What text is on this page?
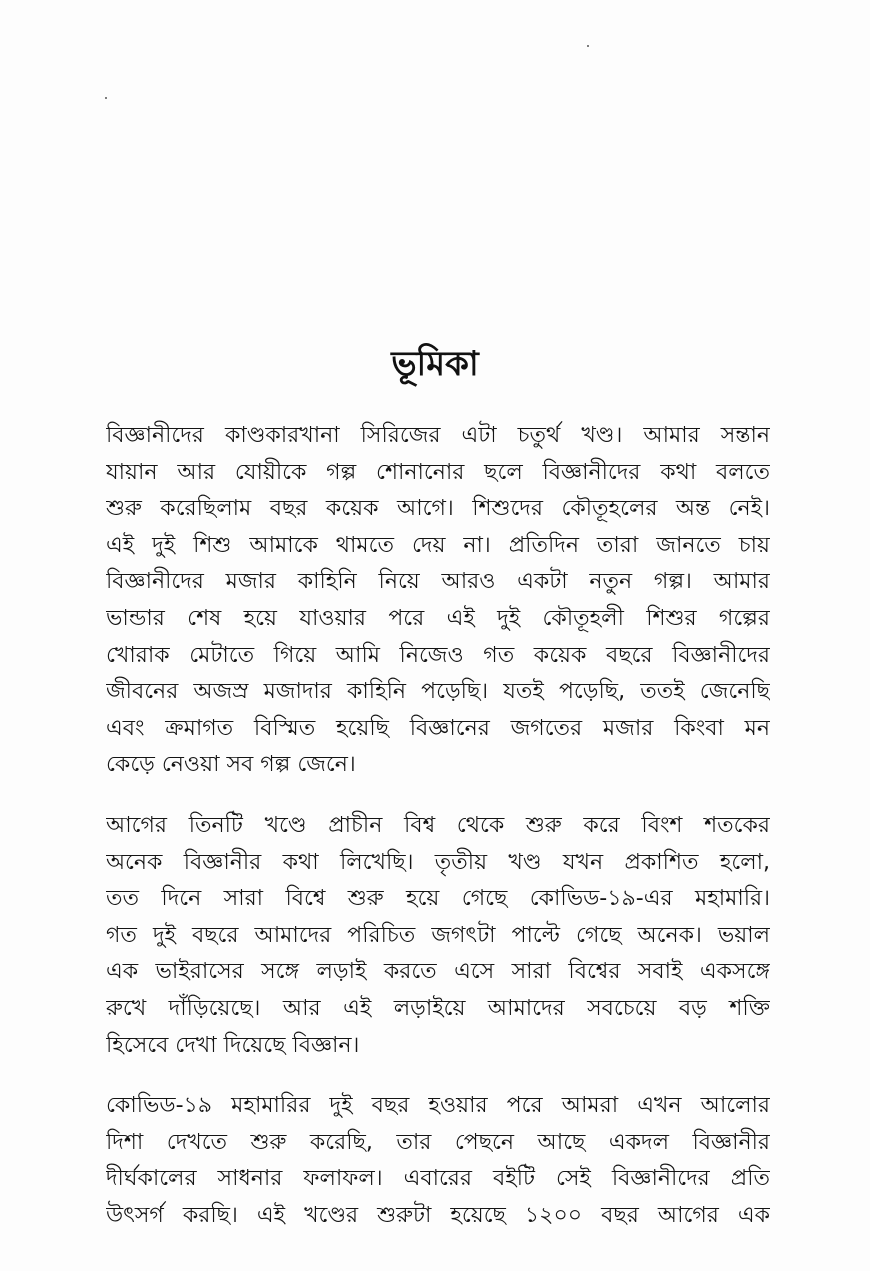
ভূমিকা
বিজ্ঞানীদের কাণ্ডকারখানা সিরিজের এটা চতুর্থ খণ্ড। আমার সন্তান
যায়ান আর যোয়ীকে গল্প শোনানোর ছলে বিজ্ঞানীদের কথা বলতে
শুরু করেছিলাম বছর কয়েক আগে। শিশুদের কৌতূহলের অন্ত নেই।
এই দুই শিশু আমাকে থামতে দেয় না। প্রতিদিন তারা জানতে চায়
বিজ্ঞানীদের মজার কাহিনি নিয়ে আরও একটা নতুন গল্প। আমার
ভান্ডার শেষ হয়ে যাওয়ার পরে এই দুই কৌতূহলী শিশুর গল্পের
খোরাক মেটাতে গিয়ে আমি নিজেও গত কয়েক বছরে বিজ্ঞানীদের
জীবনের অজস্র মজাদার কাহিনি পড়েছি। যতই পড়েছি, ততই জেনেছি
এবং ক্রমাগত বিস্মিত হয়েছি বিজ্ঞানের জগতের মজার কিংবা মন
কেড়ে নেওয়া সব গল্প জেনে।
আগের তিনটি খণ্ডে প্রাচীন বিশ্ব থেকে শুরু করে বিংশ শতকের
অনেক বিজ্ঞানীর কথা লিখেছি। তৃতীয় খণ্ড যখন প্রকাশিত হলো,
তত দিনে সারা বিশ্বে শুরু হয়ে গেছে কোভিড-১৯-এর মহামারি।
গত দুই বছরে আমাদের পরিচিত জগৎটা পাল্টে গেছে অনেক। ভয়াল
এক ভাইরাসের সঙ্গে লড়াই করতে এসে সারা বিশ্বের সবাই একসঙ্গে
রুখে দাঁড়িয়েছে। আর এই লড়াইয়ে আমাদের সবচেয়ে বড় শক্তি
হিসেবে দেখা দিয়েছে বিজ্ঞান।
কোভিড-১৯ মহামারির দুই বছর হওয়ার পরে আমরা এখন আলোর
দিশা দেখতে শুরু করেছি, তার পেছনে আছে একদল বিজ্ঞানীর
দীর্ঘকালের সাধনার ফলাফল। এবারের বইটি সেই বিজ্ঞানীদের প্রতি
উৎসর্গ করছি। এই খণ্ডের শুরুটা হয়েছে ১২০০ বছর আগের এক
